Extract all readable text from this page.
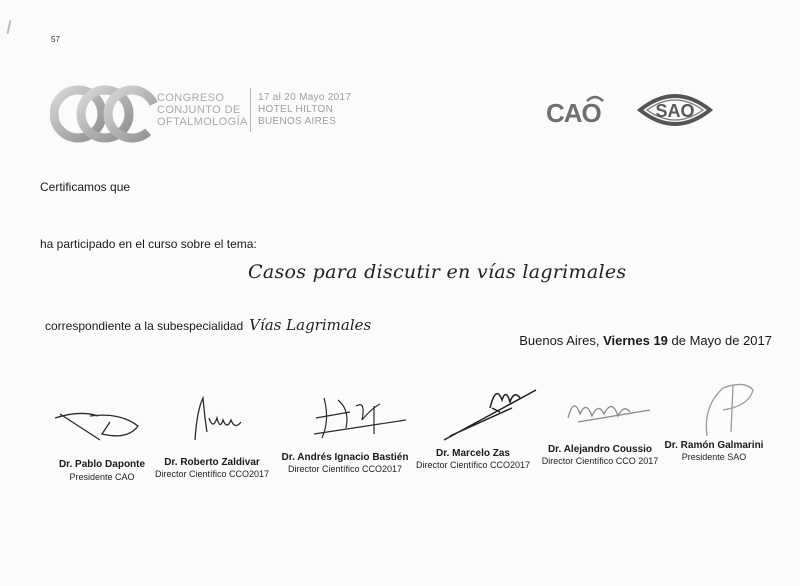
57
CONGRESO
CONJUNTO DE
OFTALMOLOGÍA
17 al 20 Mayo 2017
HOTEL HILTON
BUENOS AIRES	CAO	SAO
Certificamos que
ha participado en el curso sobre el tema:
Casos para discutir en vías lagrimales
correspondiente a la subespecialidad Vías Lagrimales
Buenos Aires, Viernes 19 de Mayo de 2017
Dr. Pablo Daponte
Presidente CAO
Dr. Roberto Zaldivar
Director Científico CCO2017
Dr. Andrés Ignacio Bastién
Director Científico CCO2017
Dr. Marcelo Zas
Director Científico CCO2017
Dr. Alejandro Coussio
Director Científico CCO 2017
Dr. Ramón Galmarini
Presidente SAO
